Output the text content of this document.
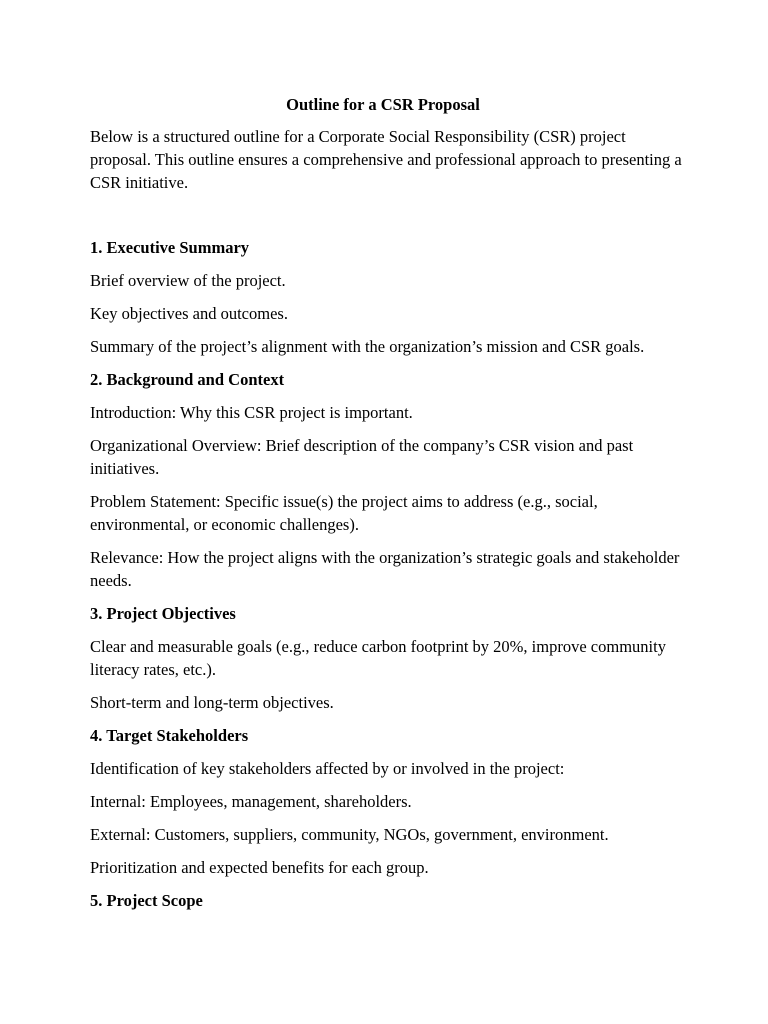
Outline for a CSR Proposal
Below is a structured outline for a Corporate Social Responsibility (CSR) project proposal. This outline ensures a comprehensive and professional approach to presenting a CSR initiative.
1. Executive Summary
Brief overview of the project.
Key objectives and outcomes.
Summary of the project’s alignment with the organization’s mission and CSR goals.
2. Background and Context
Introduction: Why this CSR project is important.
Organizational Overview: Brief description of the company’s CSR vision and past initiatives.
Problem Statement: Specific issue(s) the project aims to address (e.g., social, environmental, or economic challenges).
Relevance: How the project aligns with the organization’s strategic goals and stakeholder needs.
3. Project Objectives
Clear and measurable goals (e.g., reduce carbon footprint by 20%, improve community literacy rates, etc.).
Short-term and long-term objectives.
4. Target Stakeholders
Identification of key stakeholders affected by or involved in the project:
Internal: Employees, management, shareholders.
External: Customers, suppliers, community, NGOs, government, environment.
Prioritization and expected benefits for each group.
5. Project Scope
